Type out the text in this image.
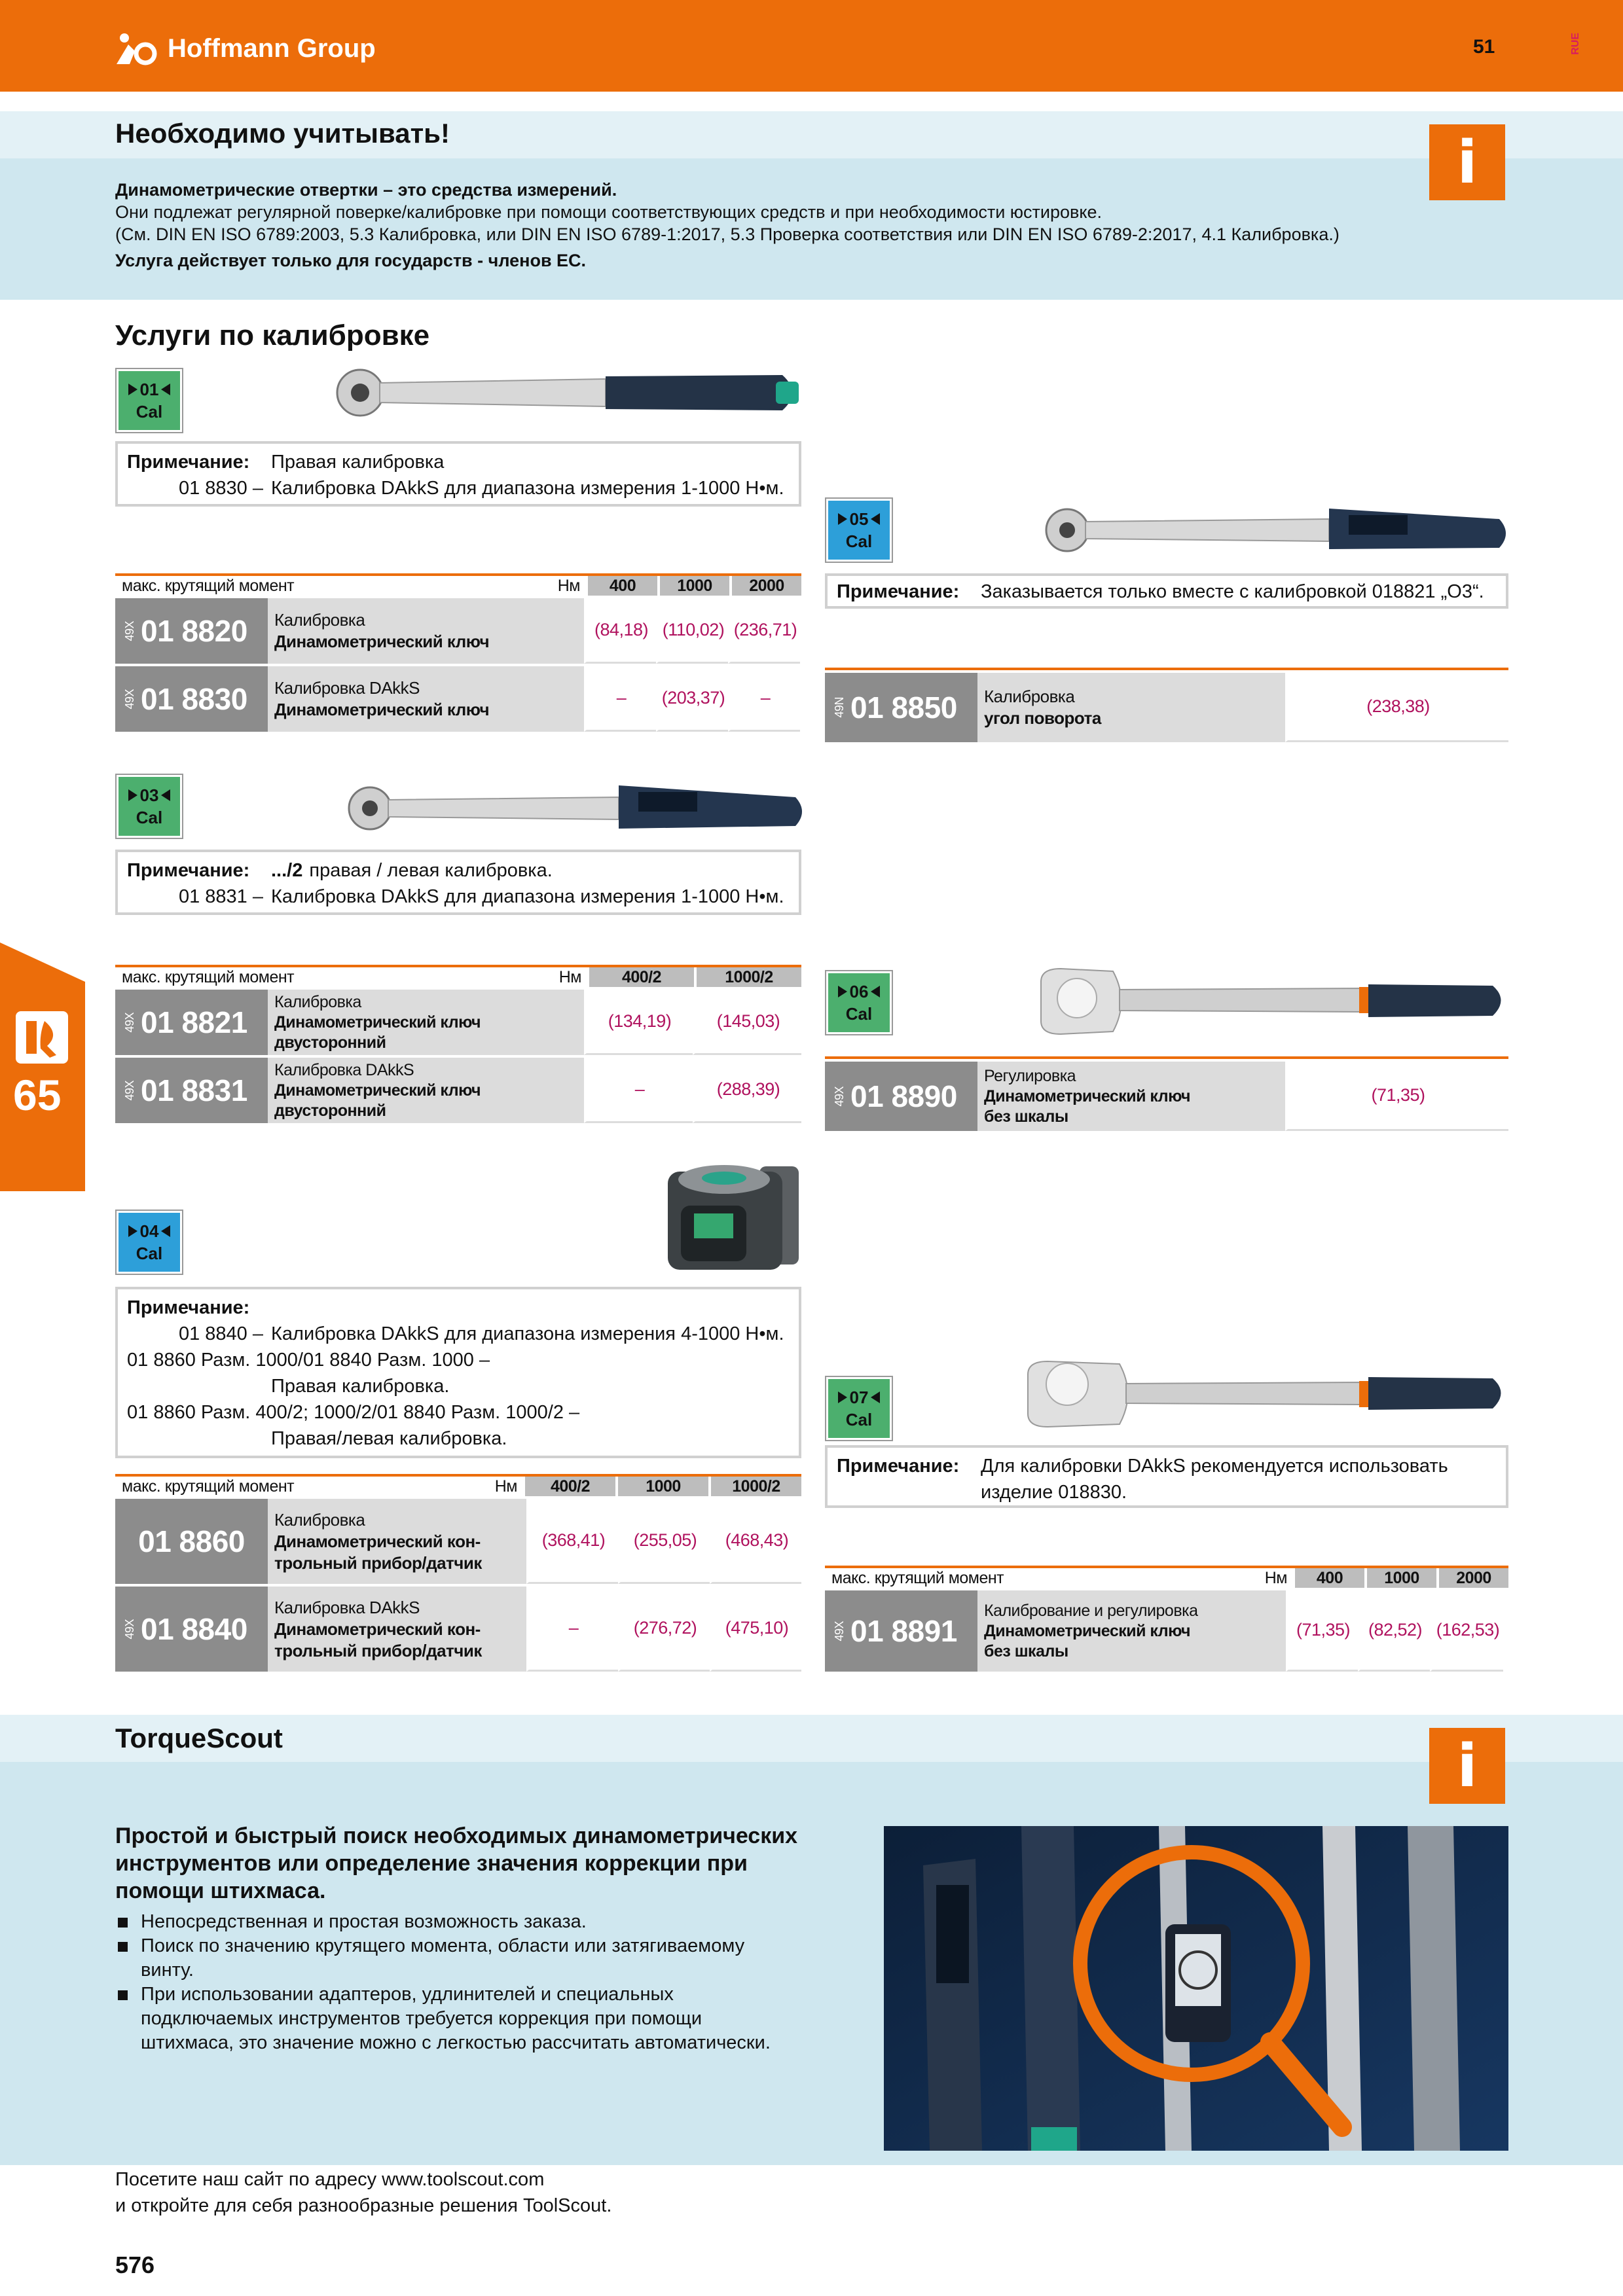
Hoffmann Group	51	RUE
Необходимо учитывать!	i
Динамометрические отвертки – это средства измерений.
Они подлежат регулярной поверке/калибровке при помощи соответствующих средств и при необходимости юстировке.
(См. DIN EN ISO 6789:2003, 5.3 Калибровка, или DIN EN ISO 6789-1:2017, 5.3 Проверка соответствия или DIN EN ISO 6789-2:2017, 4.1 Калибровка.)
Услуга действует только для государств - членов ЕС.
Услуги по калибровке
01
Cal
Примечание:	Правая калибровка
01 8830 – Калибровка DAkkS для диапазона измерения 1-1000 Н•м.
макс. крутящий момент	Нм	400	1000	2000
49X 01 8820 Калибровка
Динамометрический ключ
(84,18) (110,02) (236,71)
49X 01 8830 Калибровка DAkkS
Динамометрический ключ
–	(203,37)	–
05
Cal
Примечание:	Заказывается только вместе с калибровкой 018821 „O3“.
49N 01 8850 Калибровка
угол поворота
(238,38)
03
Cal
Примечание:	.../2 правая / левая калибровка.
01 8831 – Калибровка DAkkS для диапазона измерения 1-1000 Н•м.
макс. крутящий момент	Нм	400/2	1000/2
49X 01 8821
Калибровка
Динамометрический ключ
двусторонний
(134,19)	(145,03)
49X 01 8831
Калибровка DAkkS
Динамометрический ключ
двусторонний
–	(288,39)
06
Cal
49X 01 8890
Регулировка
Динамометрический ключ
без шкалы
(71,35)
65
04
Cal
Примечание:
01 8840 – Калибровка DAkkS для диапазона измерения 4-1000 Н•м.
01 8860 Разм. 1000/01 8840 Разм. 1000 –
Правая калибровка.
01 8860 Разм. 400/2; 1000/2/01 8840 Разм. 1000/2 –
Правая/левая калибровка.
макс. крутящий момент	Нм	400/2	1000	1000/2
01 8860
Калибровка
Динамометрический кон-
трольный прибор/датчик
(368,41)	(255,05)	(468,43)
49X 01 8840
Калибровка DAkkS
Динамометрический кон-
трольный прибор/датчик
–	(276,72)	(475,10)
07
Cal
Примечание:	Для калибровки DAkkS рекомендуется использовать
изделие 018830.
макс. крутящий момент	Нм	400	1000	2000
49X 01 8891
Калибрование и регулировка
Динамометрический ключ
без шкалы
(71,35)	(82,52) (162,53)
TorqueScout	i
Простой и быстрый поиск необходимых динамометрических
инструментов или определение значения коррекции при
помощи штихмаса.
Непосредственная и простая возможность заказа.
Поиск по значению крутящего момента, области или затягиваемому
винту.
При использовании адаптеров, удлинителей и специальных
подключаемых инструментов требуется коррекция при помощи
штихмаса, это значение можно с легкостью рассчитать автоматически.
Посетите наш сайт по адресу www.toolscout.com
и откройте для себя разнообразные решения ToolScout.
576
